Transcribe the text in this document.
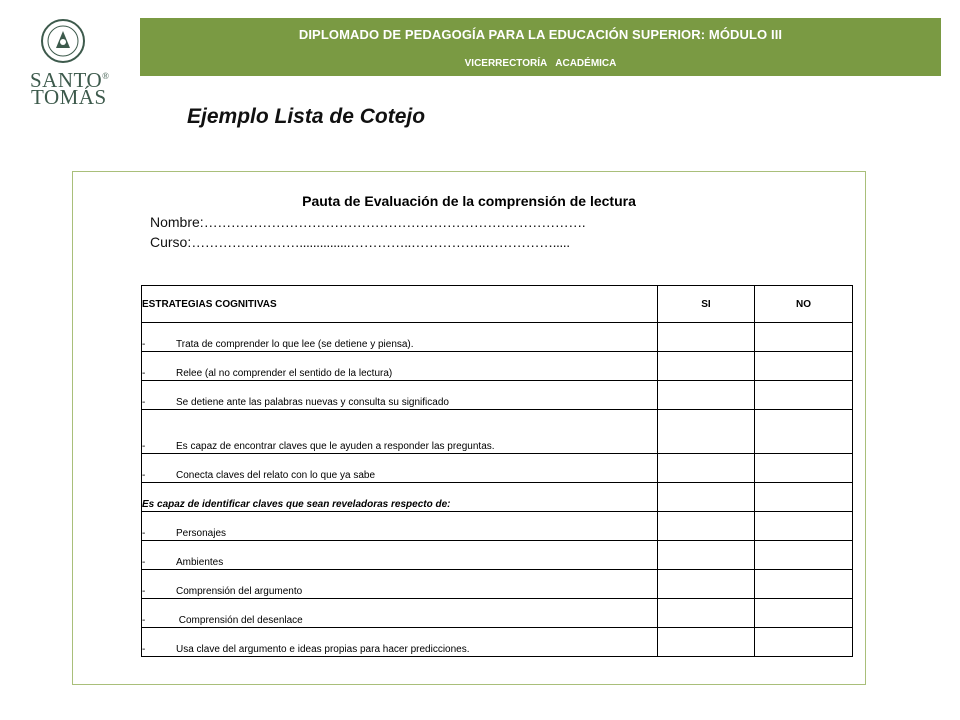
SANTO®
TOMÁS
DIPLOMADO DE PEDAGOGÍA PARA LA EDUCACIÓN SUPERIOR: MÓDULO III
VICERRECTORÍA ACADÉMICA
Ejemplo Lista de Cotejo
Pauta de Evaluación de la comprensión de lectura
Nombre:………………………………………………………………………….
Curso:……………………...............…………..……………..…………….....
ESTRATEGIAS COGNITIVAS	SI	NO
- Trata de comprender lo que lee (se detiene y piensa).		
- Relee (al no comprender el sentido de la lectura)		
- Se detiene ante las palabras nuevas y consulta su significado		
- Es capaz de encontrar claves que le ayuden a responder las preguntas.		
- Conecta claves del relato con lo que ya sabe		
Es capaz de identificar claves que sean reveladoras respecto de:		
- Personajes		
- Ambientes		
- Comprensión del argumento		
- Comprensión del desenlace		
- Usa clave del argumento e ideas propias para hacer predicciones.		
